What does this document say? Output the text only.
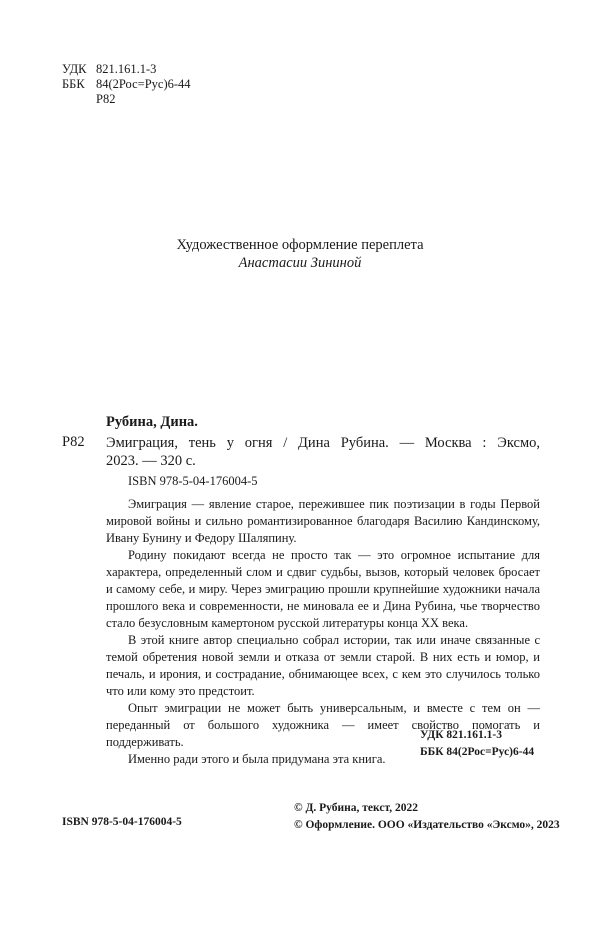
УДК 821.161.1-3
ББК 84(2Рос=Рус)6-44
Р82
Художественное оформление переплета
Анастасии Зининой
Рубина, Дина.
Р82 Эмиграция, тень у огня / Дина Рубина. — Москва : Эксмо,
2023. — 320 с.
ISBN 978-5-04-176004-5

Эмиграция — явление старое, пережившее пик поэтизации в годы Первой мировой войны и сильно романтизированное благодаря Василию Кандинскому, Ивану Бунину и Федору Шаляпину.

Родину покидают всегда не просто так — это огромное испытание для характера, определенный слом и сдвиг судьбы, вызов, который человек бросает и самому себе, и миру. Через эмиграцию прошли крупнейшие художники начала прошлого века и современности, не миновала ее и Дина Рубина, чье творчество стало безусловным камертоном русской литературы конца XX века.

В этой книге автор специально собрал истории, так или иначе связанные с темой обретения новой земли и отказа от земли старой. В них есть и юмор, и печаль, и ирония, и сострадание, обнимающее всех, с кем это случилось только что или кому это предстоит.

Опыт эмиграции не может быть универсальным, и вместе с тем он — переданный от большого художника — имеет свойство помогать и поддерживать.

Именно ради этого и была придумана эта книга.

УДК 821.161.1-3
ББК 84(2Рос=Рус)6-44
ISBN 978-5-04-176004-5
© Д. Рубина, текст, 2022
© Оформление. ООО «Издательство «Эксмо», 2023
